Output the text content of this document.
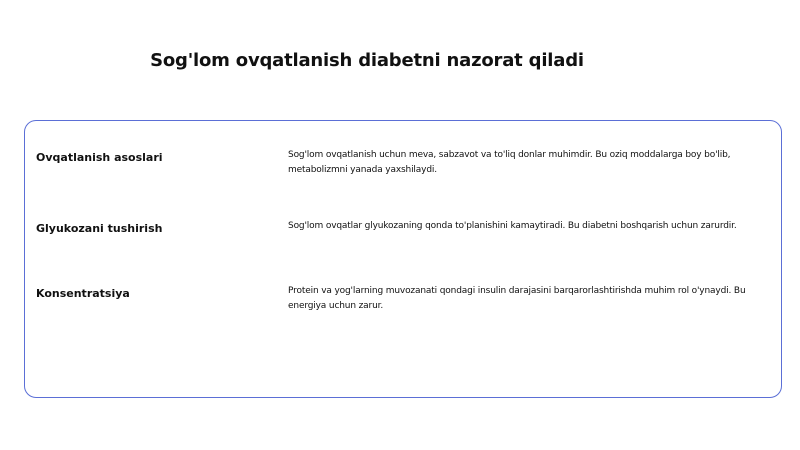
Sog'lom ovqatlanish diabetni nazorat qiladi
Ovqatlanish asoslari	Sog'lom ovqatlanish uchun meva, sabzavot va to'liq donlar muhimdir. Bu oziq moddalarga boy bo'lib, metabolizmni yanada yaxshilaydi.
Glyukozani tushirish	Sog'lom ovqatlar glyukozaning qonda to'planishini kamaytiradi. Bu diabetni boshqarish uchun zarurdir.
Konsentratsiya	Protein va yog'larning muvozanati qondagi insulin darajasini barqarorlashtirishda muhim rol o'ynaydi. Bu energiya uchun zarur.
